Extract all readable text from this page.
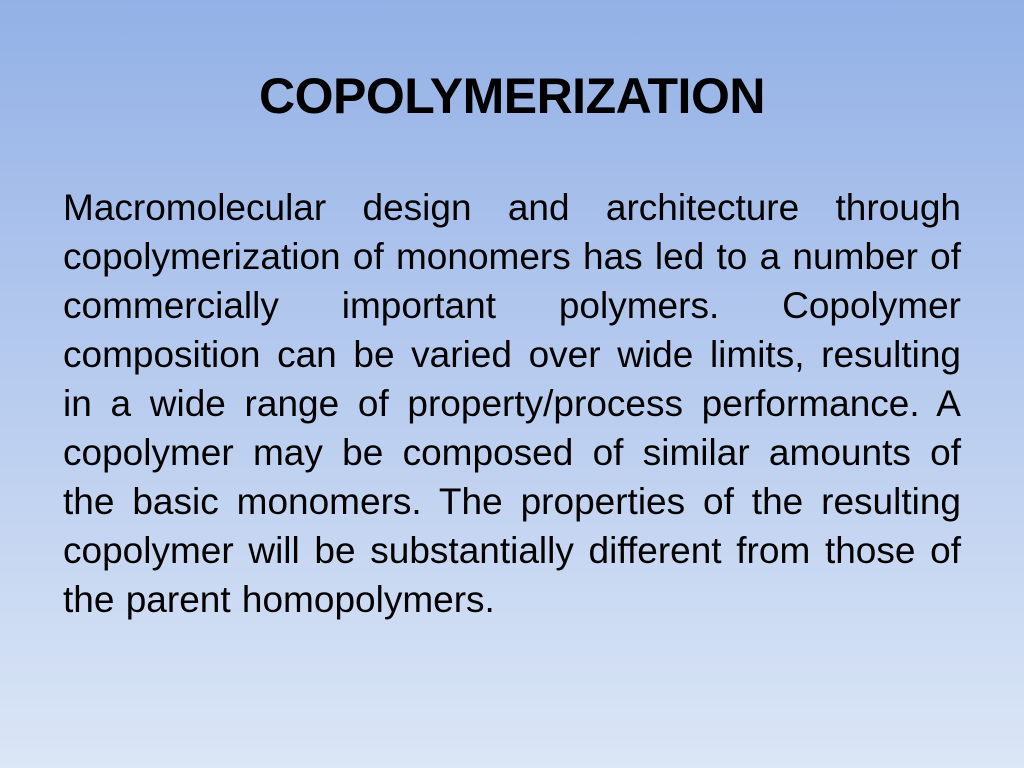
COPOLYMERIZATION

Macromolecular design and architecture through copolymerization of monomers has led to a number of commercially important polymers. Copolymer composition can be varied over wide limits, resulting in a wide range of property/process performance. A copolymer may be composed of similar amounts of the basic monomers. The properties of the resulting copolymer will be substantially different from those of the parent homopolymers.
